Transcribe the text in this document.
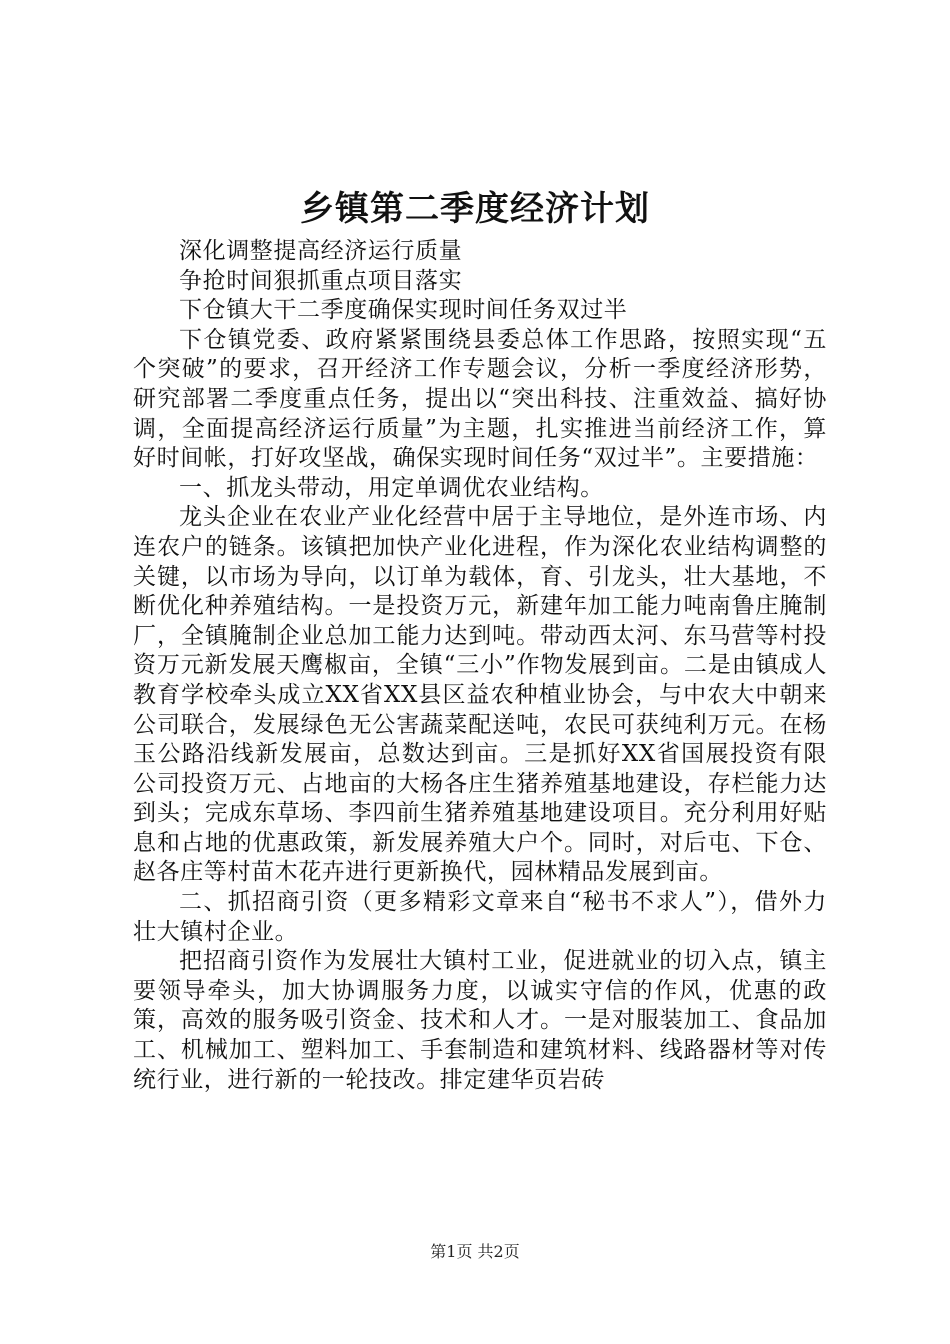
乡镇第二季度经济计划

深化调整提高经济运行质量

争抢时间狠抓重点项目落实

下仓镇大干二季度确保实现时间任务双过半

下仓镇党委、政府紧紧围绕县委总体工作思路，按照实现“五个突破”的要求，召开经济工作专题会议，分析一季度经济形势，研究部署二季度重点任务，提出以“突出科技、注重效益、搞好协调，全面提高经济运行质量”为主题，扎实推进当前经济工作，算好时间帐，打好攻坚战，确保实现时间任务“双过半”。主要措施：

一、抓龙头带动，用定单调优农业结构。

龙头企业在农业产业化经营中居于主导地位，是外连市场、内连农户的链条。该镇把加快产业化进程，作为深化农业结构调整的关键，以市场为导向，以订单为载体，育、引龙头，壮大基地，不断优化种养殖结构。一是投资万元，新建年加工能力吨南鲁庄腌制厂，全镇腌制企业总加工能力达到吨。带动西太河、东马营等村投资万元新发展天鹰椒亩，全镇“三小”作物发展到亩。二是由镇成人教育学校牵头成立XX省XX县区益农种植业协会，与中农大中朝来公司联合，发展绿色无公害蔬菜配送吨，农民可获纯利万元。在杨玉公路沿线新发展亩，总数达到亩。三是抓好XX省国展投资有限公司投资万元、占地亩的大杨各庄生猪养殖基地建设，存栏能力达到头；完成东草场、李四前生猪养殖基地建设项目。充分利用好贴息和占地的优惠政策，新发展养殖大户个。同时，对后屯、下仓、赵各庄等村苗木花卉进行更新换代，园林精品发展到亩。

二、抓招商引资（更多精彩文章来自“秘书不求人”），借外力壮大镇村企业。

把招商引资作为发展壮大镇村工业，促进就业的切入点，镇主要领导牵头，加大协调服务力度，以诚实守信的作风，优惠的政策，高效的服务吸引资金、技术和人才。一是对服装加工、食品加工、机械加工、塑料加工、手套制造和建筑材料、线路器材等对传统行业，进行新的一轮技改。排定建华页岩砖

第1页 共2页
